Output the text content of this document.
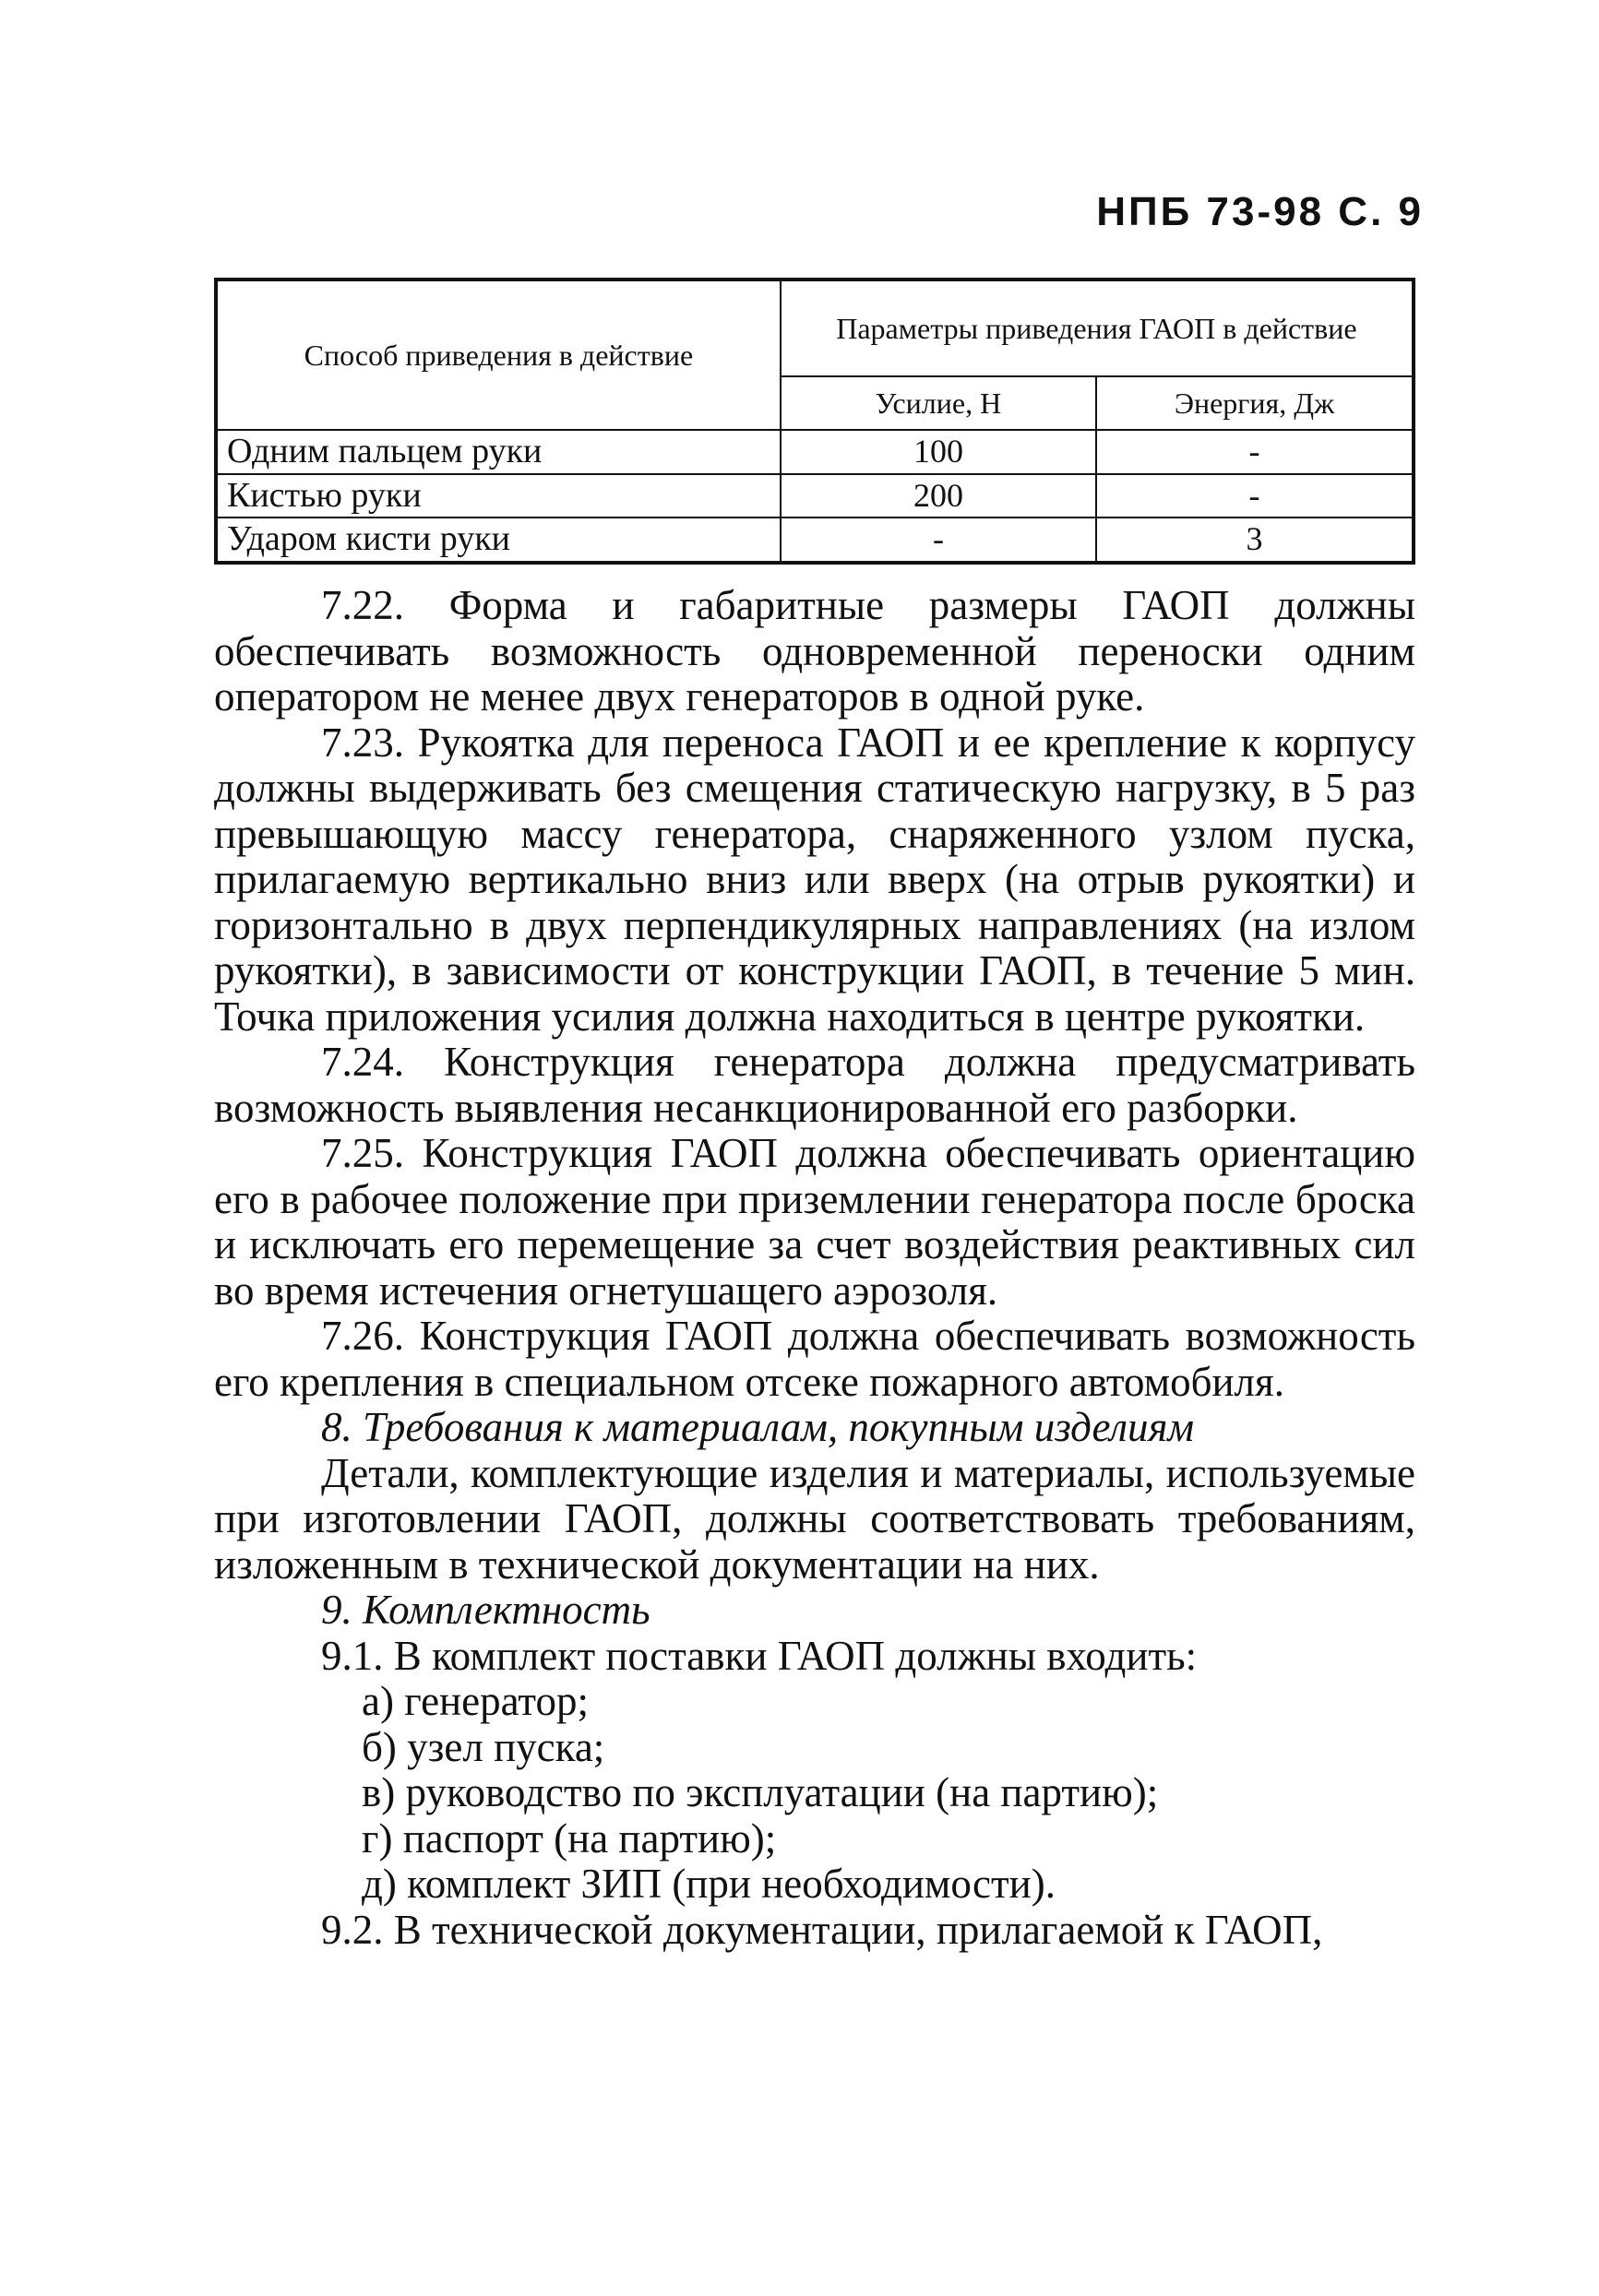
НПБ 73-98 С. 9
Способ приведения в действие	Параметры приведения ГАОП в действие	
	Усилие, Н	Энергия, Дж
Одним пальцем руки	100	-
Кистью руки	200	-
Ударом кисти руки	-	3

7.22. Форма и габаритные размеры ГАОП должны обеспечивать возможность одновременной переноски одним оператором не менее двух генераторов в одной руке.

7.23. Рукоятка для переноса ГАОП и ее крепление к корпусу должны выдерживать без смещения статическую нагрузку, в 5 раз превышающую массу генератора, снаряженного узлом пуска, прилагаемую вертикально вниз или вверх (на отрыв рукоятки) и горизонтально в двух перпендикулярных направлениях (на излом рукоятки), в зависимости от конструкции ГАОП, в течение 5 мин. Точка приложения усилия должна находиться в центре рукоятки.

7.24. Конструкция генератора должна предусматривать возможность выявления несанкционированной его разборки.

7.25. Конструкция ГАОП должна обеспечивать ориентацию его в рабочее положение при приземлении генератора после броска и исключать его перемещение за счет воздействия реактивных сил во время истечения огнетушащего аэрозоля.

7.26. Конструкция ГАОП должна обеспечивать возможность его крепления в специальном отсеке пожарного автомобиля.

8. Требования к материалам, покупным изделиям

Детали, комплектующие изделия и материалы, используемые при изготовлении ГАОП, должны соответствовать требованиям, изложенным в технической документации на них.

9. Комплектность

9.1. В комплект поставки ГАОП должны входить:

а) генератор;

б) узел пуска;

в) руководство по эксплуатации (на партию);

г) паспорт (на партию);

д) комплект ЗИП (при необходимости).

9.2. В технической документации, прилагаемой к ГАОП,
